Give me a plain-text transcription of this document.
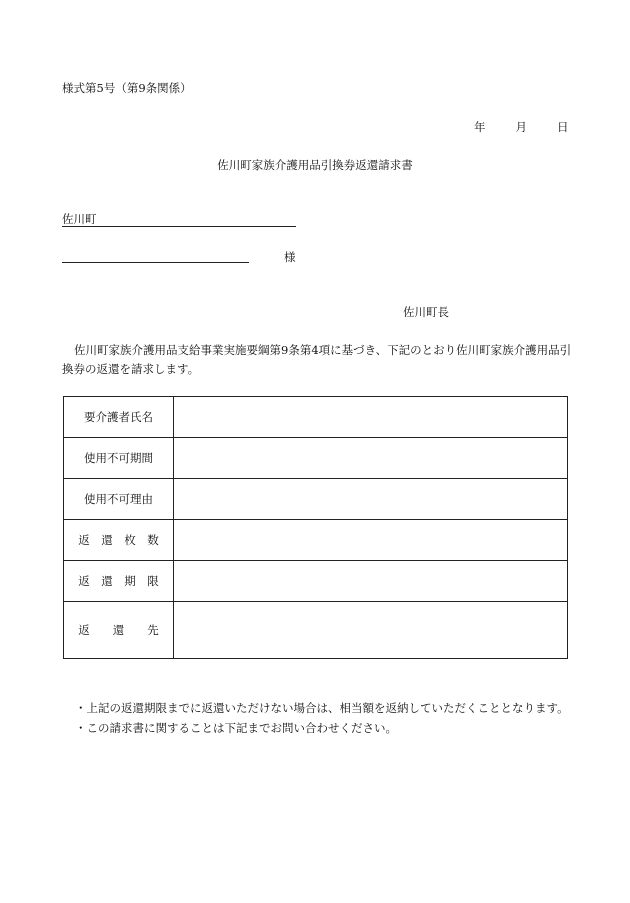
様式第5号（第9条関係）
年	月	日
佐川町家族介護用品引換券返還請求書
佐川町
様
佐川町長
佐川町家族介護用品支給事業実施要綱第9条第4項に基づき、下記のとおり佐川町家族介護用品引換券の返還を請求します。
要介護者氏名	
使用不可期間	
使用不可理由	
返　還　枚　数	
返　還　期　限	
返　　還　　先	
・上記の返還期限までに返還いただけない場合は、相当額を返納していただくこととなります。
・この請求書に関することは下記までお問い合わせください。
